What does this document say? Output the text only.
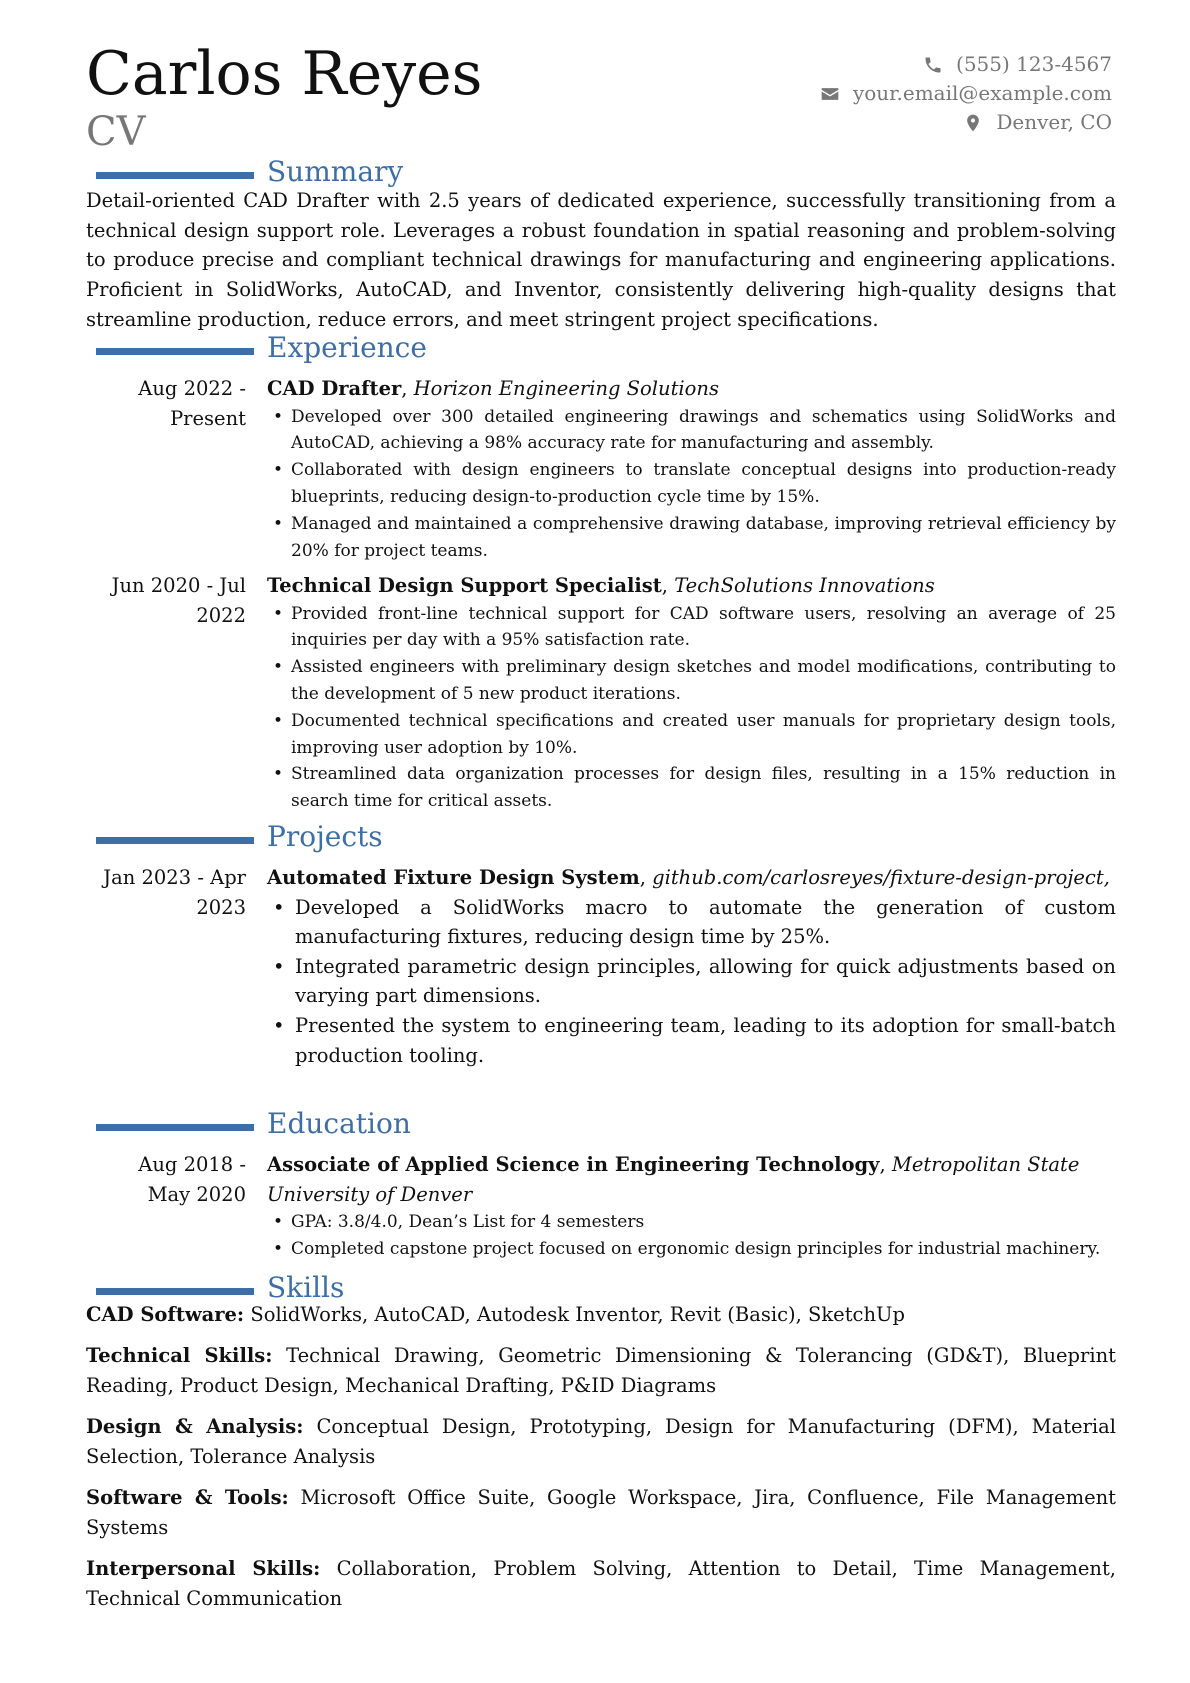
Carlos Reyes
CV
(555) 123-4567
your.email@example.com
Denver, CO
Summary
Detail-oriented CAD Drafter with 2.5 years of dedicated experience, successfully transitioning from a technical design support role. Leverages a robust foundation in spatial reasoning and problem-solving to produce precise and compliant technical drawings for manufacturing and engineering applications. Proficient in SolidWorks, AutoCAD, and Inventor, consistently delivering high-quality designs that streamline production, reduce errors, and meet stringent project specifications.
Experience
Aug 2022 -
Present
CAD Drafter, Horizon Engineering Solutions
• Developed over 300 detailed engineering drawings and schematics using SolidWorks and AutoCAD, achieving a 98% accuracy rate for manufacturing and assembly.
• Collaborated with design engineers to translate conceptual designs into production-ready blueprints, reducing design-to-production cycle time by 15%.
• Managed and maintained a comprehensive drawing database, improving retrieval efficiency by 20% for project teams.
Jun 2020 - Jul
2022
Technical Design Support Specialist, TechSolutions Innovations
• Provided front-line technical support for CAD software users, resolving an average of 25 inquiries per day with a 95% satisfaction rate.
• Assisted engineers with preliminary design sketches and model modifications, contributing to the development of 5 new product iterations.
• Documented technical specifications and created user manuals for proprietary design tools, improving user adoption by 10%.
• Streamlined data organization processes for design files, resulting in a 15% reduction in search time for critical assets.
Projects
Jan 2023 - Apr
2023
Automated Fixture Design System, github.com/carlosreyes/fixture-design-project,
• Developed a SolidWorks macro to automate the generation of custom manufacturing fixtures, reducing design time by 25%.
• Integrated parametric design principles, allowing for quick adjustments based on varying part dimensions.
• Presented the system to engineering team, leading to its adoption for small-batch production tooling.
Education
Aug 2018 -
May 2020
Associate of Applied Science in Engineering Technology, Metropolitan State University of Denver
• GPA: 3.8/4.0, Dean’s List for 4 semesters
• Completed capstone project focused on ergonomic design principles for industrial machinery.
Skills
CAD Software: SolidWorks, AutoCAD, Autodesk Inventor, Revit (Basic), SketchUp
Technical Skills: Technical Drawing, Geometric Dimensioning & Tolerancing (GD&T), Blueprint Reading, Product Design, Mechanical Drafting, P&ID Diagrams
Design & Analysis: Conceptual Design, Prototyping, Design for Manufacturing (DFM), Material Selection, Tolerance Analysis
Software & Tools: Microsoft Office Suite, Google Workspace, Jira, Confluence, File Management Systems
Interpersonal Skills: Collaboration, Problem Solving, Attention to Detail, Time Management, Technical Communication
